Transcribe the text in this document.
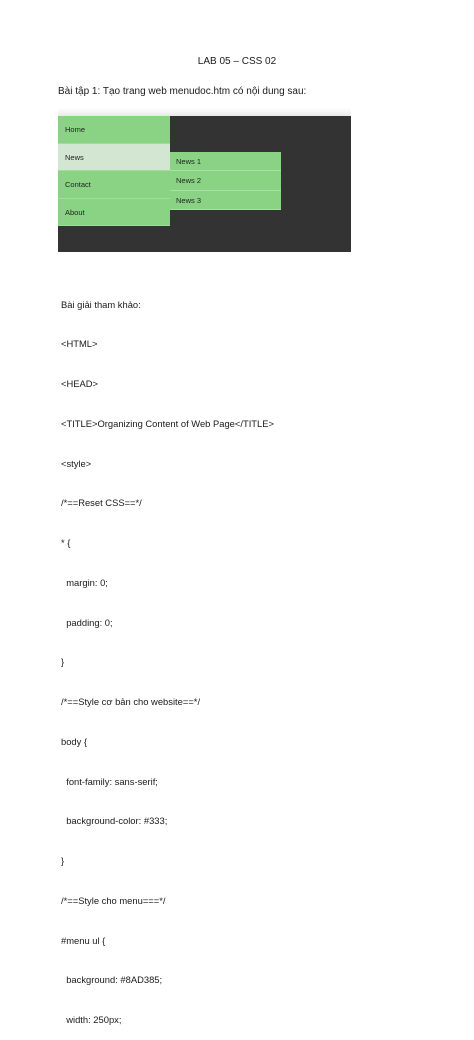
LAB 05 – CSS 02
Bài tập 1: Tạo trang web menudoc.htm có nội dung sau:
Home
News
Contact
About
News 1
News 2
News 3

Bài giải tham khảo:

<HTML>

<HEAD>

<TITLE>Organizing Content of Web Page</TITLE>

<style>

/*==Reset CSS==*/

* {

margin: 0;

padding: 0;

}

/*==Style cơ bản cho website==*/

body {

font-family: sans-serif;

background-color: #333;

}

/*==Style cho menu===*/

#menu ul {

background: #8AD385;

width: 250px;
